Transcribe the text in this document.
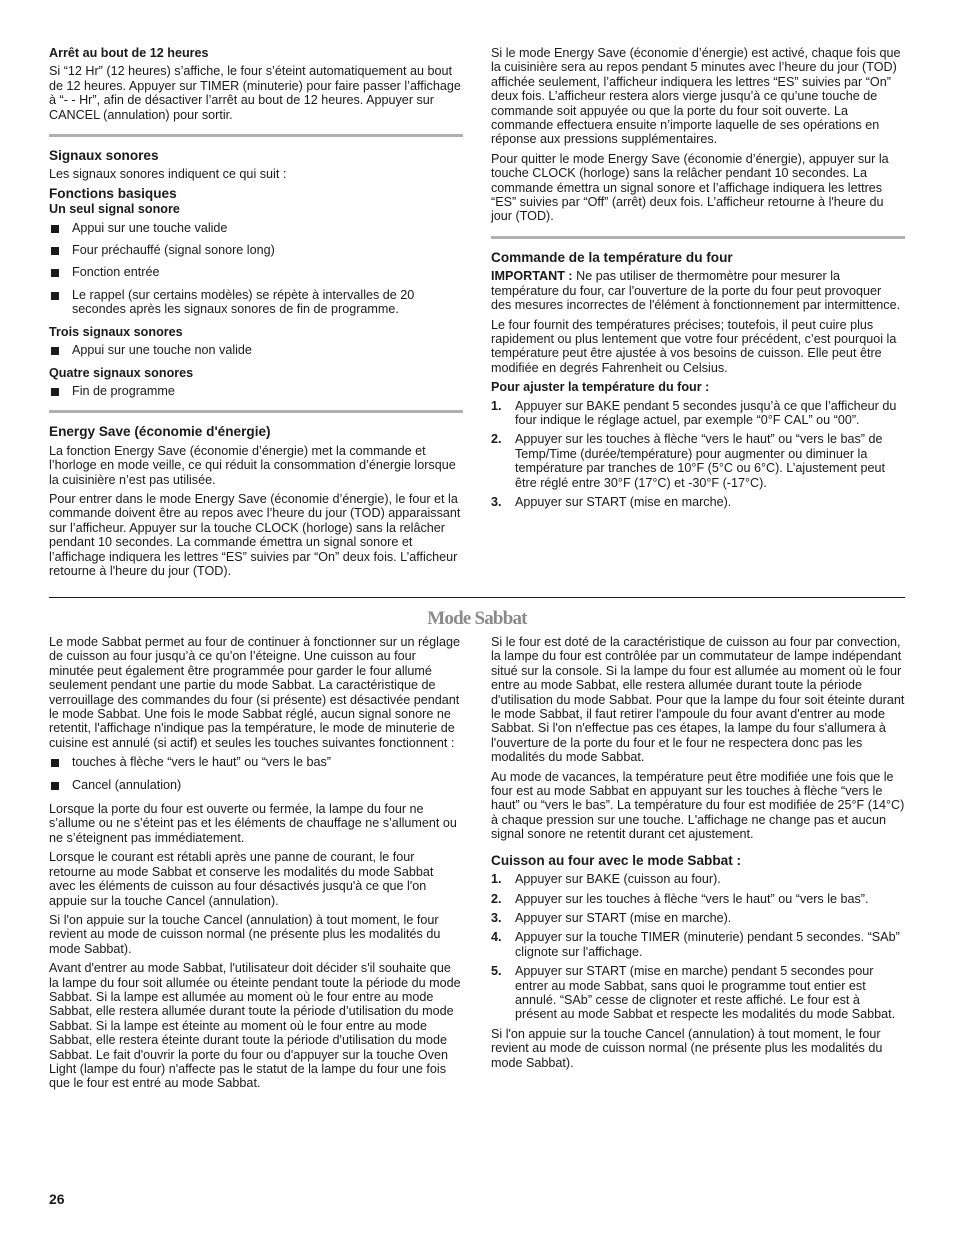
Arrêt au bout de 12 heures

Si “12 Hr” (12 heures) s’affiche, le four s’éteint automatiquement au bout de 12 heures. Appuyer sur TIMER (minuterie) pour faire passer l’affichage à “- - Hr”, afin de désactiver l’arrêt au bout de 12 heures. Appuyer sur CANCEL (annulation) pour sortir.

Signaux sonores

Les signaux sonores indiquent ce qui suit :

Fonctions basiques
Un seul signal sonore
Appui sur une touche valide
Four préchauffé (signal sonore long)
Fonction entrée
Le rappel (sur certains modèles) se répète à intervalles de 20 secondes après les signaux sonores de fin de programme.
Trois signaux sonores
Appui sur une touche non valide
Quatre signaux sonores
Fin de programme
Energy Save (économie d'énergie)

La fonction Energy Save (économie d’énergie) met la commande et l’horloge en mode veille, ce qui réduit la consommation d’énergie lorsque la cuisinière n’est pas utilisée.

Pour entrer dans le mode Energy Save (économie d’énergie), le four et la commande doivent être au repos avec l’heure du jour (TOD) apparaissant sur l’afficheur. Appuyer sur la touche CLOCK (horloge) sans la relâcher pendant 10 secondes. La commande émettra un signal sonore et l’affichage indiquera les lettres “ES” suivies par “On” deux fois. L’afficheur retourne à l'heure du jour (TOD).

Si le mode Energy Save (économie d’énergie) est activé, chaque fois que la cuisinière sera au repos pendant 5 minutes avec l’heure du jour (TOD) affichée seulement, l’afficheur indiquera les lettres “ES” suivies par “On” deux fois. L’afficheur restera alors vierge jusqu’à ce qu’une touche de commande soit appuyée ou que la porte du four soit ouverte. La commande effectuera ensuite n’importe laquelle de ses opérations en réponse aux pressions supplémentaires.

Pour quitter le mode Energy Save (économie d’énergie), appuyer sur la touche CLOCK (horloge) sans la relâcher pendant 10 secondes. La commande émettra un signal sonore et l’affichage indiquera les lettres “ES” suivies par “Off” (arrêt) deux fois. L’afficheur retourne à l'heure du jour (TOD).

Commande de la température du four

IMPORTANT : Ne pas utiliser de thermomètre pour mesurer la température du four, car l'ouverture de la porte du four peut provoquer des mesures incorrectes de l'élément à fonctionnement par intermittence.

Le four fournit des températures précises; toutefois, il peut cuire plus rapidement ou plus lentement que votre four précédent, c’est pourquoi la température peut être ajustée à vos besoins de cuisson. Elle peut être modifiée en degrés Fahrenheit ou Celsius.

Pour ajuster la température du four :
1. Appuyer sur BAKE pendant 5 secondes jusqu’à ce que l’afficheur du four indique le réglage actuel, par exemple “0°F CAL” ou “00”.
2. Appuyer sur les touches à flèche “vers le haut” ou “vers le bas” de Temp/Time (durée/température) pour augmenter ou diminuer la température par tranches de 10°F (5°C ou 6°C). L’ajustement peut être réglé entre 30°F (17°C) et -30°F (-17°C).
3. Appuyer sur START (mise en marche).
Mode Sabbat

Le mode Sabbat permet au four de continuer à fonctionner sur un réglage de cuisson au four jusqu’à ce qu’on l’éteigne. Une cuisson au four minutée peut également être programmée pour garder le four allumé seulement pendant une partie du mode Sabbat. La caractéristique de verrouillage des commandes du four (si présente) est désactivée pendant le mode Sabbat. Une fois le mode Sabbat réglé, aucun signal sonore ne retentit, l'affichage n'indique pas la température, le mode de minuterie de cuisine est annulé (si actif) et seules les touches suivantes fonctionnent :

touches à flèche “vers le haut” ou “vers le bas”
Cancel (annulation)

Lorsque la porte du four est ouverte ou fermée, la lampe du four ne s’allume ou ne s’éteint pas et les éléments de chauffage ne s’allument ou ne s’éteignent pas immédiatement.

Lorsque le courant est rétabli après une panne de courant, le four retourne au mode Sabbat et conserve les modalités du mode Sabbat avec les éléments de cuisson au four désactivés jusqu'à ce que l'on appuie sur la touche Cancel (annulation).

Si l'on appuie sur la touche Cancel (annulation) à tout moment, le four revient au mode de cuisson normal (ne présente plus les modalités du mode Sabbat).

Avant d'entrer au mode Sabbat, l'utilisateur doit décider s'il souhaite que la lampe du four soit allumée ou éteinte pendant toute la période du mode Sabbat. Si la lampe est allumée au moment où le four entre au mode Sabbat, elle restera allumée durant toute la période d’utilisation du mode Sabbat. Si la lampe est éteinte au moment où le four entre au mode Sabbat, elle restera éteinte durant toute la période d'utilisation du mode Sabbat. Le fait d'ouvrir la porte du four ou d'appuyer sur la touche Oven Light (lampe du four) n'affecte pas le statut de la lampe du four une fois que le four est entré au mode Sabbat.

Si le four est doté de la caractéristique de cuisson au four par convection, la lampe du four est contrôlée par un commutateur de lampe indépendant situé sur la console. Si la lampe du four est allumée au moment où le four entre au mode Sabbat, elle restera allumée durant toute la période d'utilisation du mode Sabbat. Pour que la lampe du four soit éteinte durant le mode Sabbat, il faut retirer l'ampoule du four avant d'entrer au mode Sabbat. Si l'on n'effectue pas ces étapes, la lampe du four s'allumera à l'ouverture de la porte du four et le four ne respectera donc pas les modalités du mode Sabbat.

Au mode de vacances, la température peut être modifiée une fois que le four est au mode Sabbat en appuyant sur les touches à flèche “vers le haut” ou “vers le bas”. La température du four est modifiée de 25°F (14°C) à chaque pression sur une touche. L'affichage ne change pas et aucun signal sonore ne retentit durant cet ajustement.

Cuisson au four avec le mode Sabbat :
1. Appuyer sur BAKE (cuisson au four).
2. Appuyer sur les touches à flèche “vers le haut” ou “vers le bas”.
3. Appuyer sur START (mise en marche).
4. Appuyer sur la touche TIMER (minuterie) pendant 5 secondes. “SAb” clignote sur l'affichage.
5. Appuyer sur START (mise en marche) pendant 5 secondes pour entrer au mode Sabbat, sans quoi le programme tout entier est annulé. “SAb” cesse de clignoter et reste affiché. Le four est à présent au mode Sabbat et respecte les modalités du mode Sabbat.

Si l'on appuie sur la touche Cancel (annulation) à tout moment, le four revient au mode de cuisson normal (ne présente plus les modalités du mode Sabbat).

26
